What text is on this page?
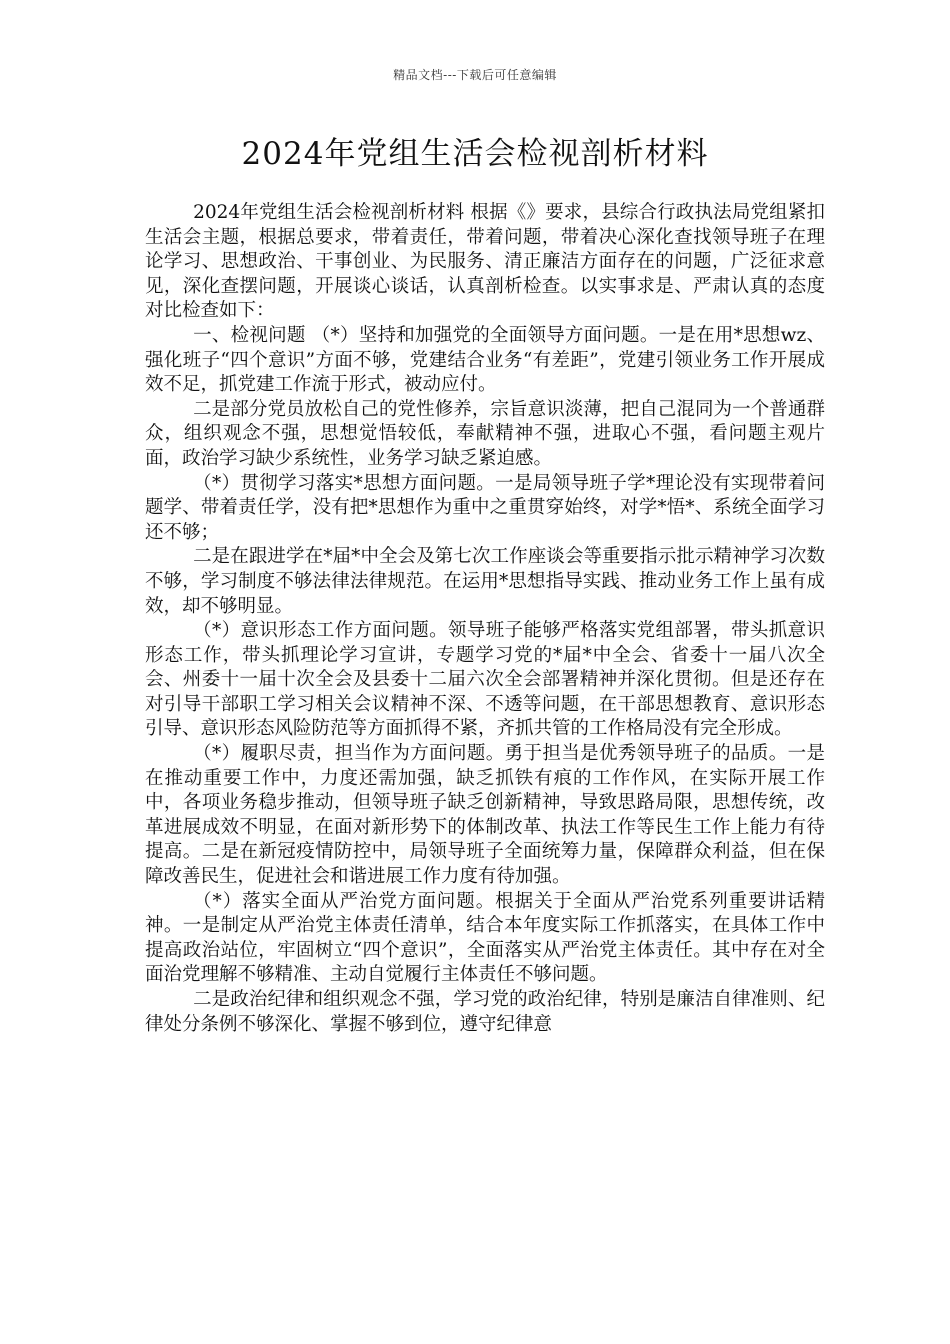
精品文档---下载后可任意编辑
2024年党组生活会检视剖析材料

2024年党组生活会检视剖析材料 根据《》要求，县综合行政执法局党组紧扣生活会主题，根据总要求，带着责任，带着问题，带着决心深化查找领导班子在理论学习、思想政治、干事创业、为民服务、清正廉洁方面存在的问题，广泛征求意见，深化查摆问题，开展谈心谈话，认真剖析检查。以实事求是、严肃认真的态度对比检查如下：

一、检视问题 （*）坚持和加强党的全面领导方面问题。一是在用*思想wz、强化班子“四个意识”方面不够，党建结合业务“有差距”，党建引领业务工作开展成效不足，抓党建工作流于形式，被动应付。

二是部分党员放松自己的党性修养，宗旨意识淡薄，把自己混同为一个普通群众，组织观念不强，思想觉悟较低，奉献精神不强，进取心不强，看问题主观片面，政治学习缺少系统性，业务学习缺乏紧迫感。

（*）贯彻学习落实*思想方面问题。一是局领导班子学*理论没有实现带着问题学、带着责任学，没有把*思想作为重中之重贯穿始终，对学*悟*、系统全面学习还不够；

二是在跟进学在*届*中全会及第七次工作座谈会等重要指示批示精神学习次数不够，学习制度不够法律法律规范。在运用*思想指导实践、推动业务工作上虽有成效，却不够明显。

（*）意识形态工作方面问题。领导班子能够严格落实党组部署，带头抓意识形态工作，带头抓理论学习宣讲，专题学习党的*届*中全会、省委十一届八次全会、州委十一届十次全会及县委十二届六次全会部署精神并深化贯彻。但是还存在对引导干部职工学习相关会议精神不深、不透等问题，在干部思想教育、意识形态引导、意识形态风险防范等方面抓得不紧，齐抓共管的工作格局没有完全形成。

（*）履职尽责，担当作为方面问题。勇于担当是优秀领导班子的品质。一是在推动重要工作中，力度还需加强，缺乏抓铁有痕的工作作风，在实际开展工作中，各项业务稳步推动，但领导班子缺乏创新精神，导致思路局限，思想传统，改革进展成效不明显，在面对新形势下的体制改革、执法工作等民生工作上能力有待提高。二是在新冠疫情防控中，局领导班子全面统筹力量，保障群众利益，但在保障改善民生，促进社会和谐进展工作力度有待加强。

（*）落实全面从严治党方面问题。根据关于全面从严治党系列重要讲话精神。一是制定从严治党主体责任清单，结合本年度实际工作抓落实，在具体工作中提高政治站位，牢固树立“四个意识”，全面落实从严治党主体责任。其中存在对全面治党理解不够精准、主动自觉履行主体责任不够问题。

二是政治纪律和组织观念不强，学习党的政治纪律，特别是廉洁自律准则、纪律处分条例不够深化、掌握不够到位，遵守纪律意
